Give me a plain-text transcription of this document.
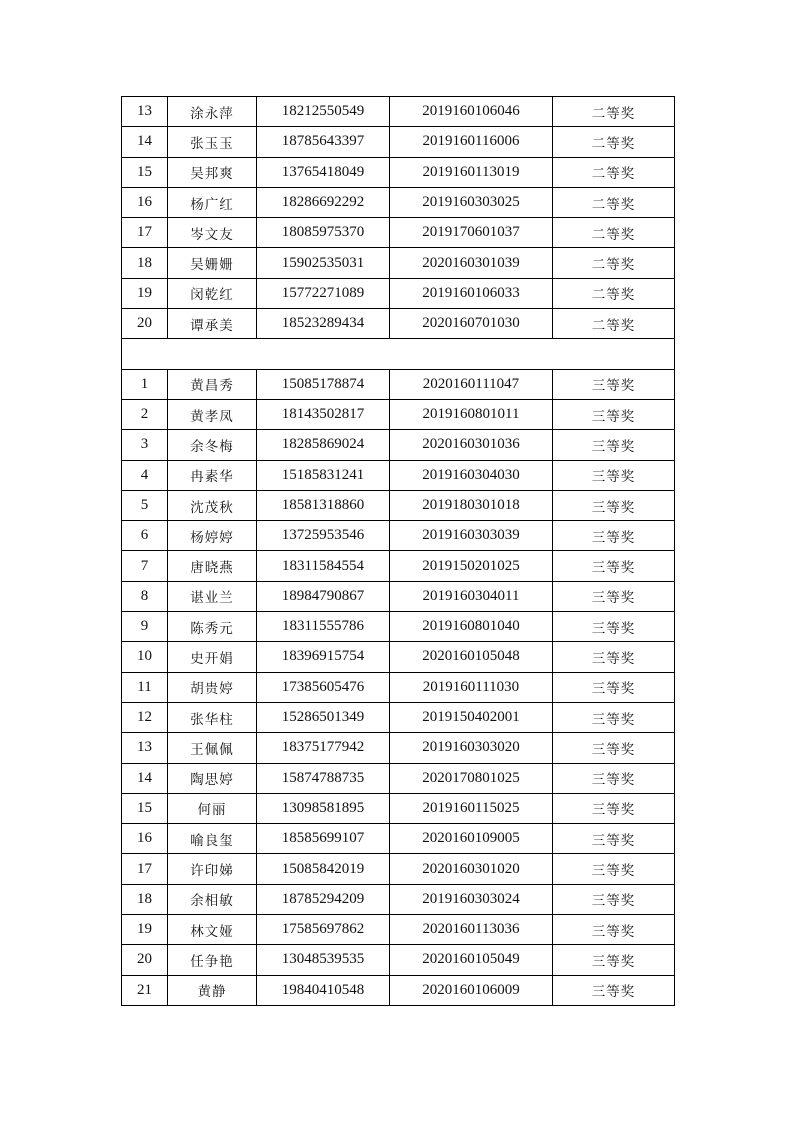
13	涂永萍	18212550549	2019160106046	二等奖
14	张玉玉	18785643397	2019160116006	二等奖
15	吴邦爽	13765418049	2019160113019	二等奖
16	杨广红	18286692292	2019160303025	二等奖
17	岑文友	18085975370	2019170601037	二等奖
18	吴姗姗	15902535031	2020160301039	二等奖
19	闵乾红	15772271089	2019160106033	二等奖
20	谭承美	18523289434	2020160701030	二等奖

1	黄昌秀	15085178874	2020160111047	三等奖
2	黄孝凤	18143502817	2019160801011	三等奖
3	余冬梅	18285869024	2020160301036	三等奖
4	冉素华	15185831241	2019160304030	三等奖
5	沈茂秋	18581318860	2019180301018	三等奖
6	杨婷婷	13725953546	2019160303039	三等奖
7	唐晓燕	18311584554	2019150201025	三等奖
8	谌业兰	18984790867	2019160304011	三等奖
9	陈秀元	18311555786	2019160801040	三等奖
10	史开娟	18396915754	2020160105048	三等奖
11	胡贵婷	17385605476	2019160111030	三等奖
12	张华柱	15286501349	2019150402001	三等奖
13	王佩佩	18375177942	2019160303020	三等奖
14	陶思婷	15874788735	2020170801025	三等奖
15	何丽	13098581895	2019160115025	三等奖
16	喻良玺	18585699107	2020160109005	三等奖
17	许印娣	15085842019	2020160301020	三等奖
18	余相敏	18785294209	2019160303024	三等奖
19	林文娅	17585697862	2020160113036	三等奖
20	任争艳	13048539535	2020160105049	三等奖
21	黄静	19840410548	2020160106009	三等奖
